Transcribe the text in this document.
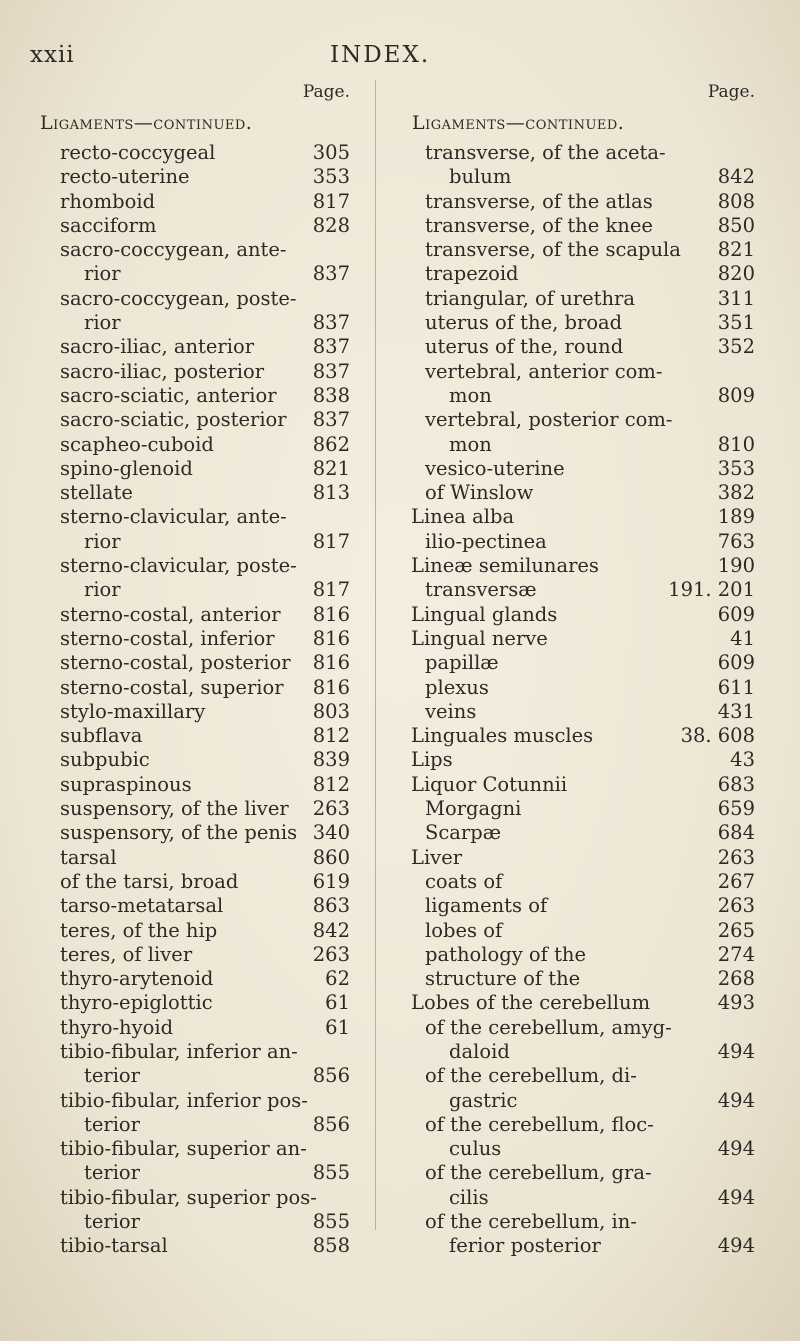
xxii	INDEX.
Page.
Ligaments—continued.
recto-coccygeal	305
recto-uterine	353
rhomboid	817
sacciform	828
sacro-coccygean, ante-
rior	837
sacro-coccygean, poste-
rior	837
sacro-iliac, anterior	837
sacro-iliac, posterior	837
sacro-sciatic, anterior	838
sacro-sciatic, posterior	837
scapheo-cuboid	862
spino-glenoid	821
stellate	813
sterno-clavicular, ante-
rior	817
sterno-clavicular, poste-
rior	817
sterno-costal, anterior	816
sterno-costal, inferior	816
sterno-costal, posterior	816
sterno-costal, superior	816
stylo-maxillary	803
subflava	812
subpubic	839
supraspinous	812
suspensory, of the liver	263
suspensory, of the penis 340
tarsal	860
of the tarsi, broad	619
tarso-metatarsal	863
teres, of the hip	842
teres, of liver	263
thyro-arytenoid	62
thyro-epiglottic	61
thyro-hyoid	61
tibio-fibular, inferior an-
terior	856
tibio-fibular, inferior pos-
terior	856
tibio-fibular, superior an-
terior	855
tibio-fibular, superior pos-
terior	855
tibio-tarsal	858
Page.
Ligaments—continued.
transverse, of the aceta-
bulum	842
transverse, of the atlas	808
transverse, of the knee	850
transverse, of the scapula	821
trapezoid	820
triangular, of urethra	311
uterus of the, broad	351
uterus of the, round	352
vertebral, anterior com-
mon	809
vertebral, posterior com-
mon	810
vesico-uterine	353
of Winslow	382
Linea alba	189
ilio-pectinea	763
Lineæ semilunares	190
transversæ	191. 201
Lingual glands	609
Lingual nerve	41
papillæ	609
plexus	611
veins	431
Linguales muscles	38. 608
Lips	43
Liquor Cotunnii	683
Morgagni	659
Scarpæ	684
Liver	263
coats of	267
ligaments of	263
lobes of	265
pathology of the	274
structure of the	268
Lobes of the cerebellum	493
of the cerebellum, amyg-
daloid	494
of the cerebellum, di-
gastric	494
of the cerebellum, floc-
culus	494
of the cerebellum, gra-
cilis	494
of the cerebellum, in-
ferior posterior	494
